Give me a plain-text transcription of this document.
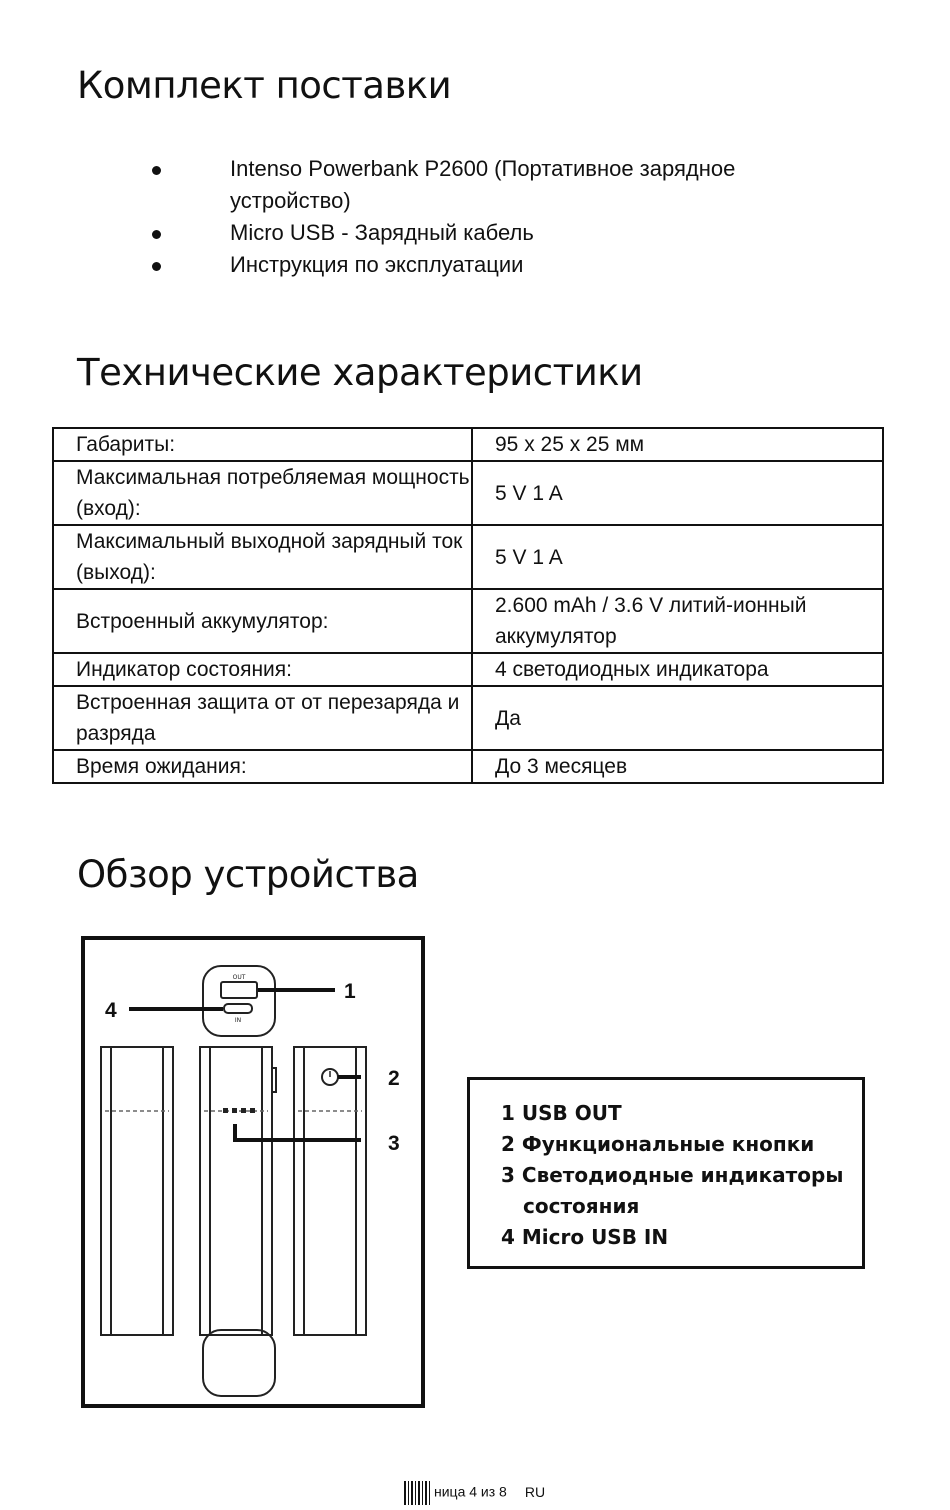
Комплект поставки
Intenso Powerbank P2600 (Портативное зарядное устройство)
Micro USB - Зарядный кабель
Инструкция по эксплуатации
Технические характеристики
Габариты:	95 x 25 x 25 мм
Максимальная потребляемая мощность (вход):	5 V 1 A
Максимальный выходной зарядный ток (выход):	5 V 1 A
Встроенный аккумулятор:	2.600 mAh / 3.6 V литий-ионный аккумулятор
Индикатор состояния:	4 светодиодных индикатора
Встроенная защита от от перезаряда и разряда	Да
Время ожидания:	До 3 месяцев
Обзор устройства
OUT
IN
1
2
3
4
1 USB OUT
2 Функциональные кнопки
3 Светодиодные индикаторы
состояния
4 Micro USB IN
ница 4 из 8 RU
